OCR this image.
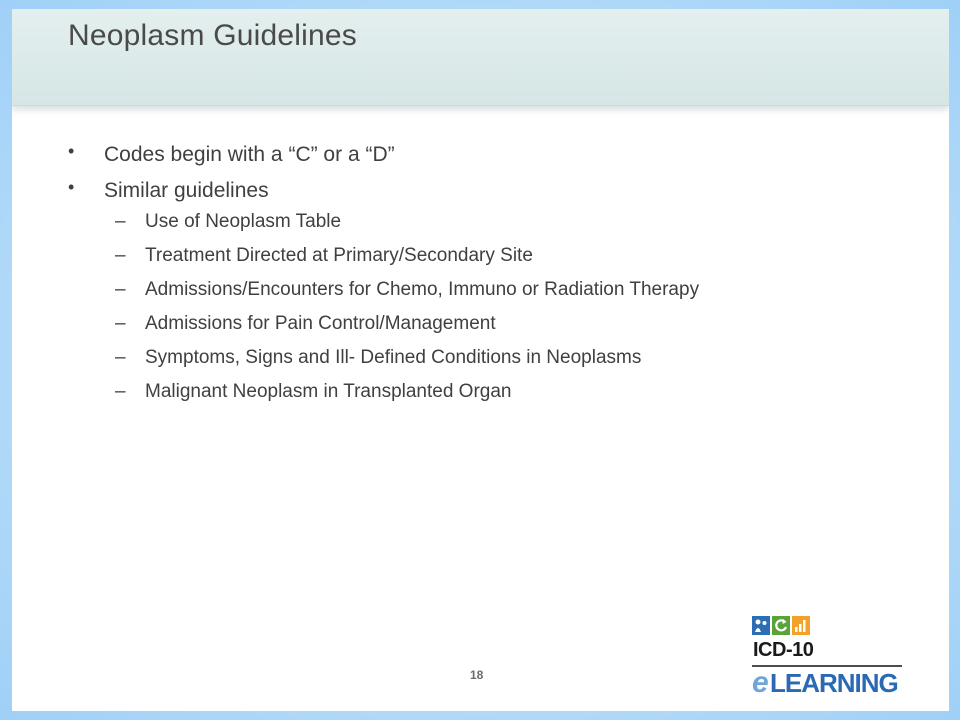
Neoplasm Guidelines
• Codes begin with a “C” or a “D”
• Similar guidelines
– Use of Neoplasm Table
– Treatment Directed at Primary/Secondary Site
– Admissions/Encounters for Chemo, Immuno or Radiation Therapy
– Admissions for Pain Control/Management
– Symptoms, Signs and Ill- Defined Conditions in Neoplasms
– Malignant Neoplasm in Transplanted Organ
18
ICD-10
e LEARNING
